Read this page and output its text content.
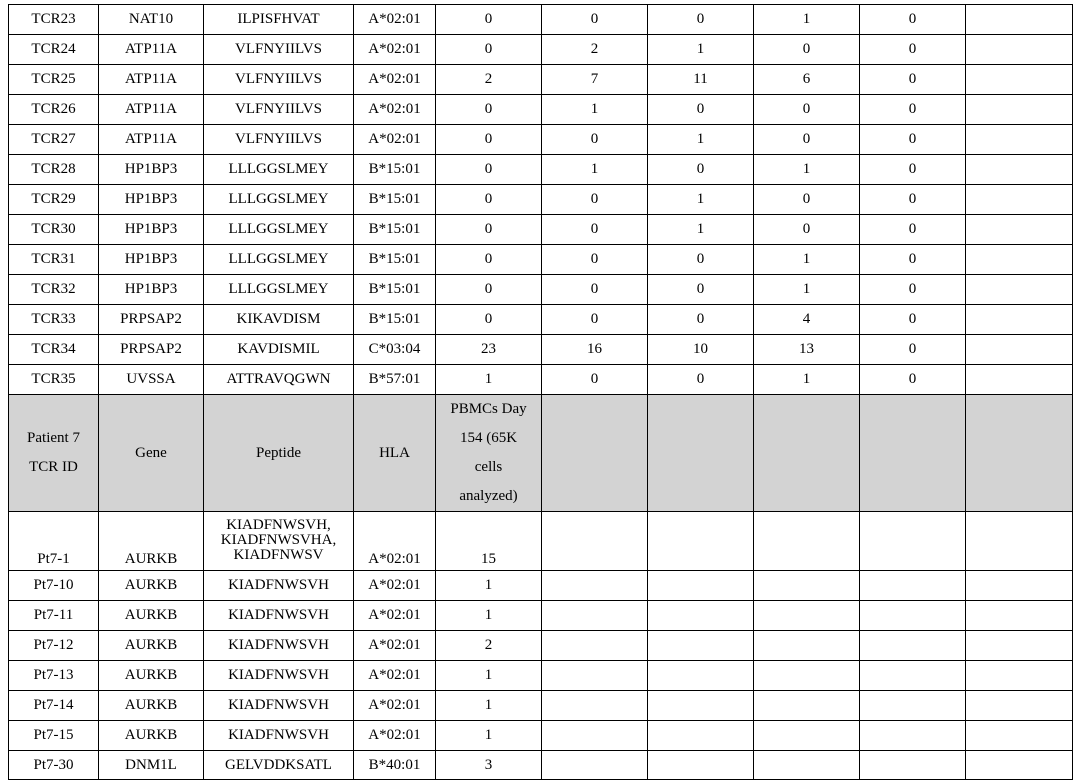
TCR23	NAT10	ILPISFHVAT	A*02:01	0	0	0	1	0	
TCR24	ATP11A	VLFNYIILVS	A*02:01	0	2	1	0	0	
TCR25	ATP11A	VLFNYIILVS	A*02:01	2	7	11	6	0	
TCR26	ATP11A	VLFNYIILVS	A*02:01	0	1	0	0	0	
TCR27	ATP11A	VLFNYIILVS	A*02:01	0	0	1	0	0	
TCR28	HP1BP3	LLLGGSLMEY	B*15:01	0	1	0	1	0	
TCR29	HP1BP3	LLLGGSLMEY	B*15:01	0	0	1	0	0	
TCR30	HP1BP3	LLLGGSLMEY	B*15:01	0	0	1	0	0	
TCR31	HP1BP3	LLLGGSLMEY	B*15:01	0	0	0	1	0	
TCR32	HP1BP3	LLLGGSLMEY	B*15:01	0	0	0	1	0	
TCR33	PRPSAP2	KIKAVDISM	B*15:01	0	0	0	4	0	
TCR34	PRPSAP2	KAVDISMIL	C*03:04	23	16	10	13	0	
TCR35	UVSSA	ATTRAVQGWN	B*57:01	1	0	0	1	0	

Patient 7
TCR ID	Gene	Peptide	HLA	PBMCs Day
154 (65K
cells
analyzed)					

Pt7-1	AURKB	KIADFNWSVH,
KIADFNWSVHA,
KIADFNWSV	A*02:01	15					
Pt7-10	AURKB	KIADFNWSVH	A*02:01	1					
Pt7-11	AURKB	KIADFNWSVH	A*02:01	1					
Pt7-12	AURKB	KIADFNWSVH	A*02:01	2					
Pt7-13	AURKB	KIADFNWSVH	A*02:01	1					
Pt7-14	AURKB	KIADFNWSVH	A*02:01	1					
Pt7-15	AURKB	KIADFNWSVH	A*02:01	1					
Pt7-30	DNM1L	GELVDDKSATL	B*40:01	3					
